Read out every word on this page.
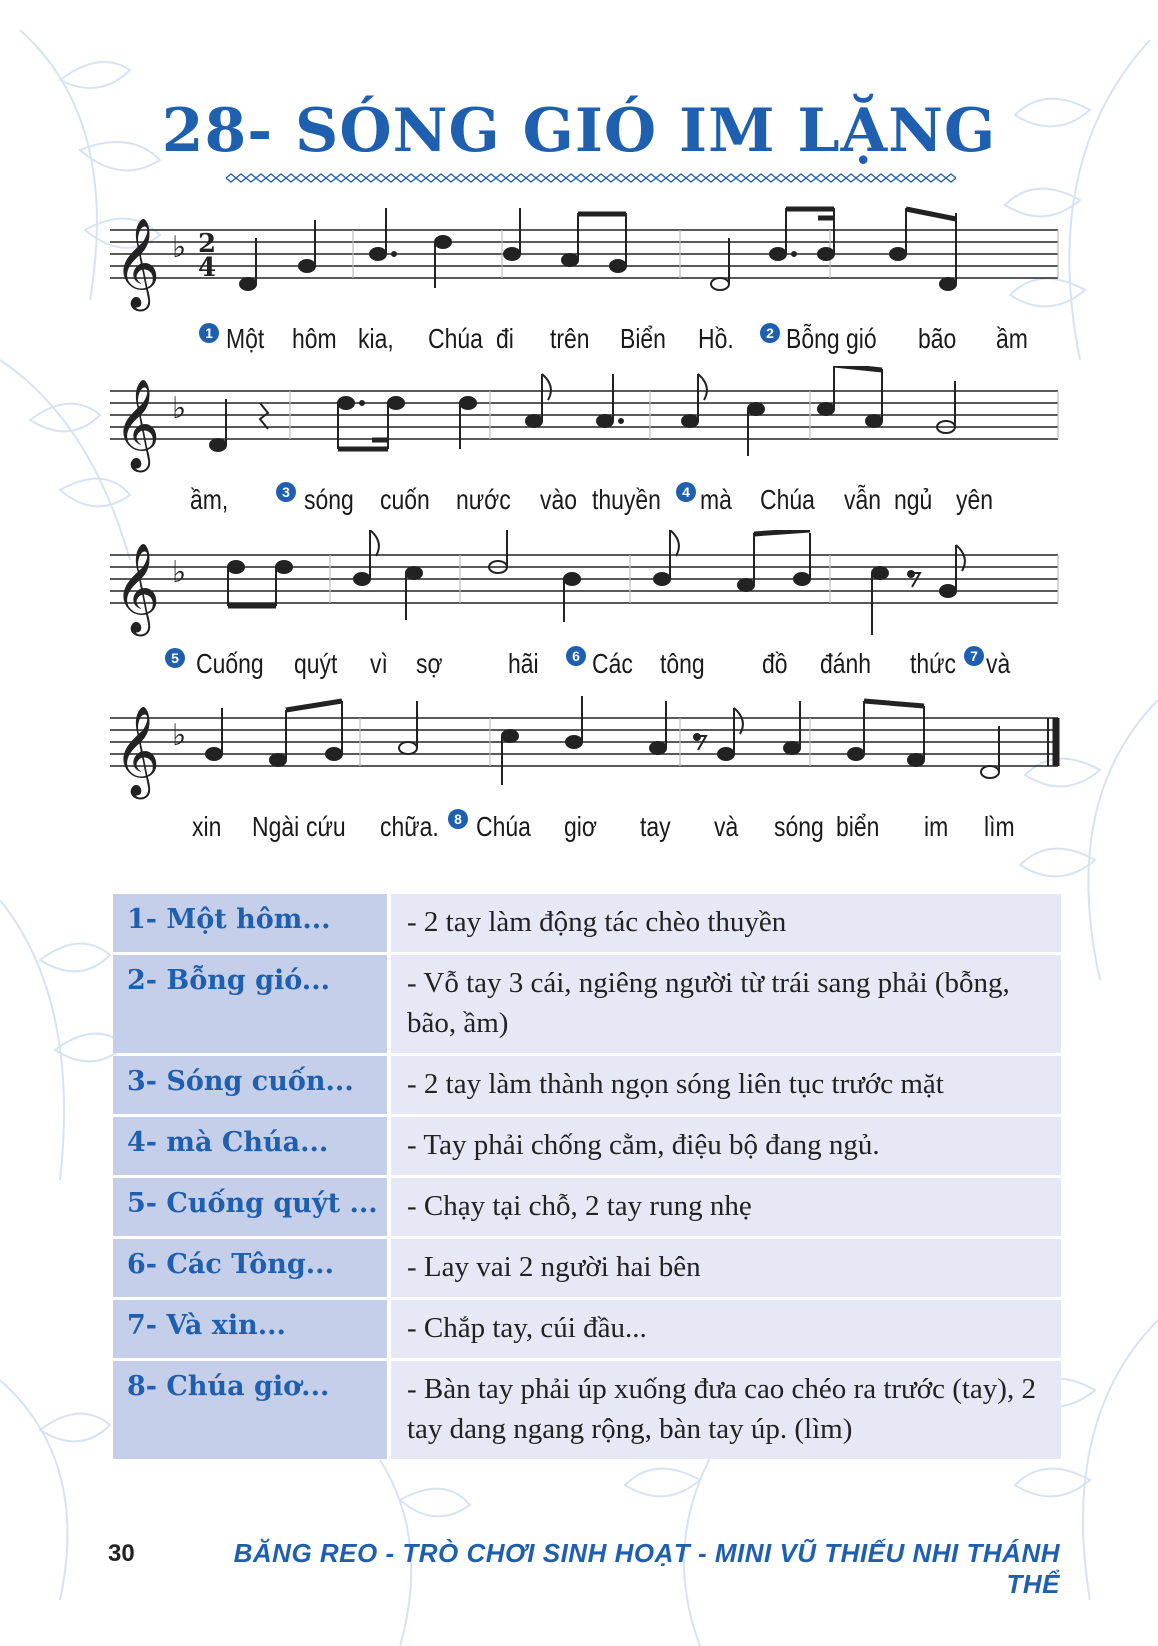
28- SÓNG GIÓ IM LẶNG
𝄞 ♭ 2
4
1 Một hôm kia, Chúa đi trên Biển Hồ.	2 Bỗng gió bão ầm
𝄞 ♭
ầm,	3 sóng cuốn nước vào thuyền	4 mà Chúa vẫn ngủ yên
𝄞 ♭
5 Cuống quýt vì sợ hãi	6 Các tông đồ đánh thức	7 và
𝄞 ♭
xin Ngài cứu chữa.	8 Chúa giơ tay và sóng biển im lìm
1- Một hôm...	- 2 tay làm động tác chèo thuyền
2- Bỗng gió...	- Vỗ tay 3 cái, ngiêng người từ trái sang phải (bỗng, bão, ầm)
3- Sóng cuốn...	- 2 tay làm thành ngọn sóng liên tục trước mặt
4- mà Chúa...	- Tay phải chống cằm, điệu bộ đang ngủ.
5- Cuống quýt ...	- Chạy tại chỗ, 2 tay rung nhẹ
6- Các Tông...	- Lay vai 2 người hai bên
7- Và xin...	- Chắp tay, cúi đầu...
8- Chúa giơ...	- Bàn tay phải úp xuống đưa cao chéo ra trước (tay), 2 tay dang ngang rộng, bàn tay úp. (lìm)
30	BĂNG REO - TRÒ CHƠI SINH HOẠT - MINI VŨ THIẾU NHI THÁNH THỂ
